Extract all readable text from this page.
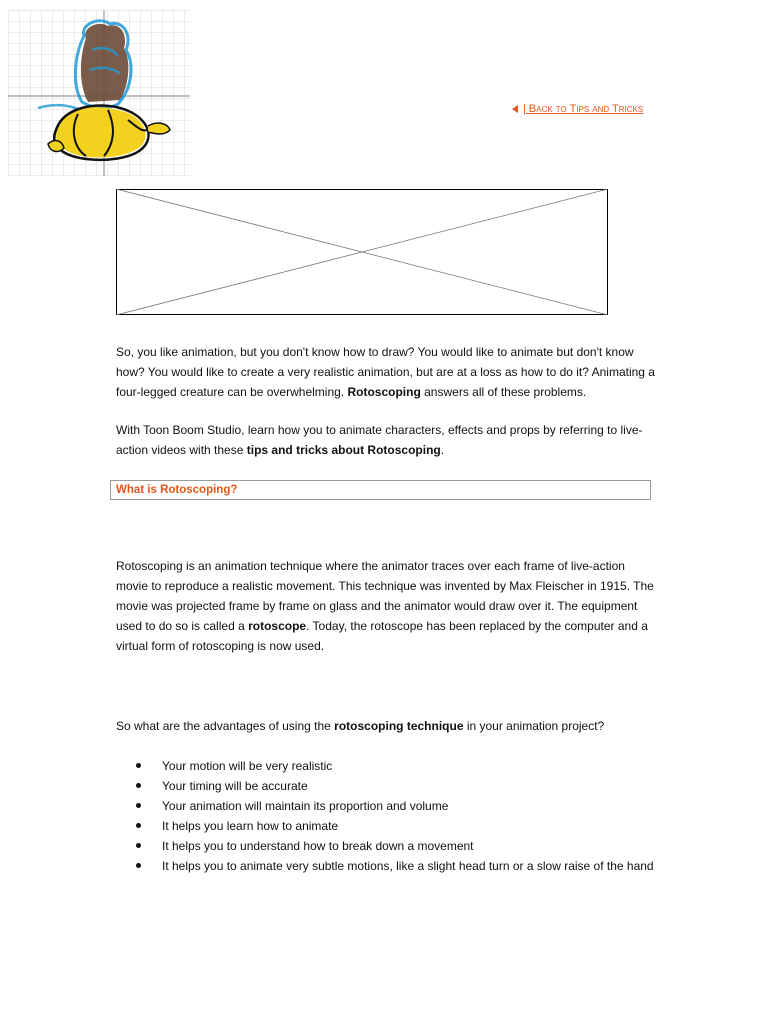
| Back to Tips and Tricks
So, you like animation, but you don't know how to draw? You would like to animate but don't know how? You would like to create a very realistic animation, but are at a loss as how to do it? Animating a four-legged creature can be overwhelming. Rotoscoping answers all of these problems.
With Toon Boom Studio, learn how you to animate characters, effects and props by referring to live-action videos with these tips and tricks about Rotoscoping.
What is Rotoscoping?
Rotoscoping is an animation technique where the animator traces over each frame of live-action movie to reproduce a realistic movement. This technique was invented by Max Fleischer in 1915. The movie was projected frame by frame on glass and the animator would draw over it. The equipment used to do so is called a rotoscope. Today, the rotoscope has been replaced by the computer and a virtual form of rotoscoping is now used.
So what are the advantages of using the rotoscoping technique in your animation project?
Your motion will be very realistic
Your timing will be accurate
Your animation will maintain its proportion and volume
It helps you learn how to animate
It helps you to understand how to break down a movement
It helps you to animate very subtle motions, like a slight head turn or a slow raise of the hand
